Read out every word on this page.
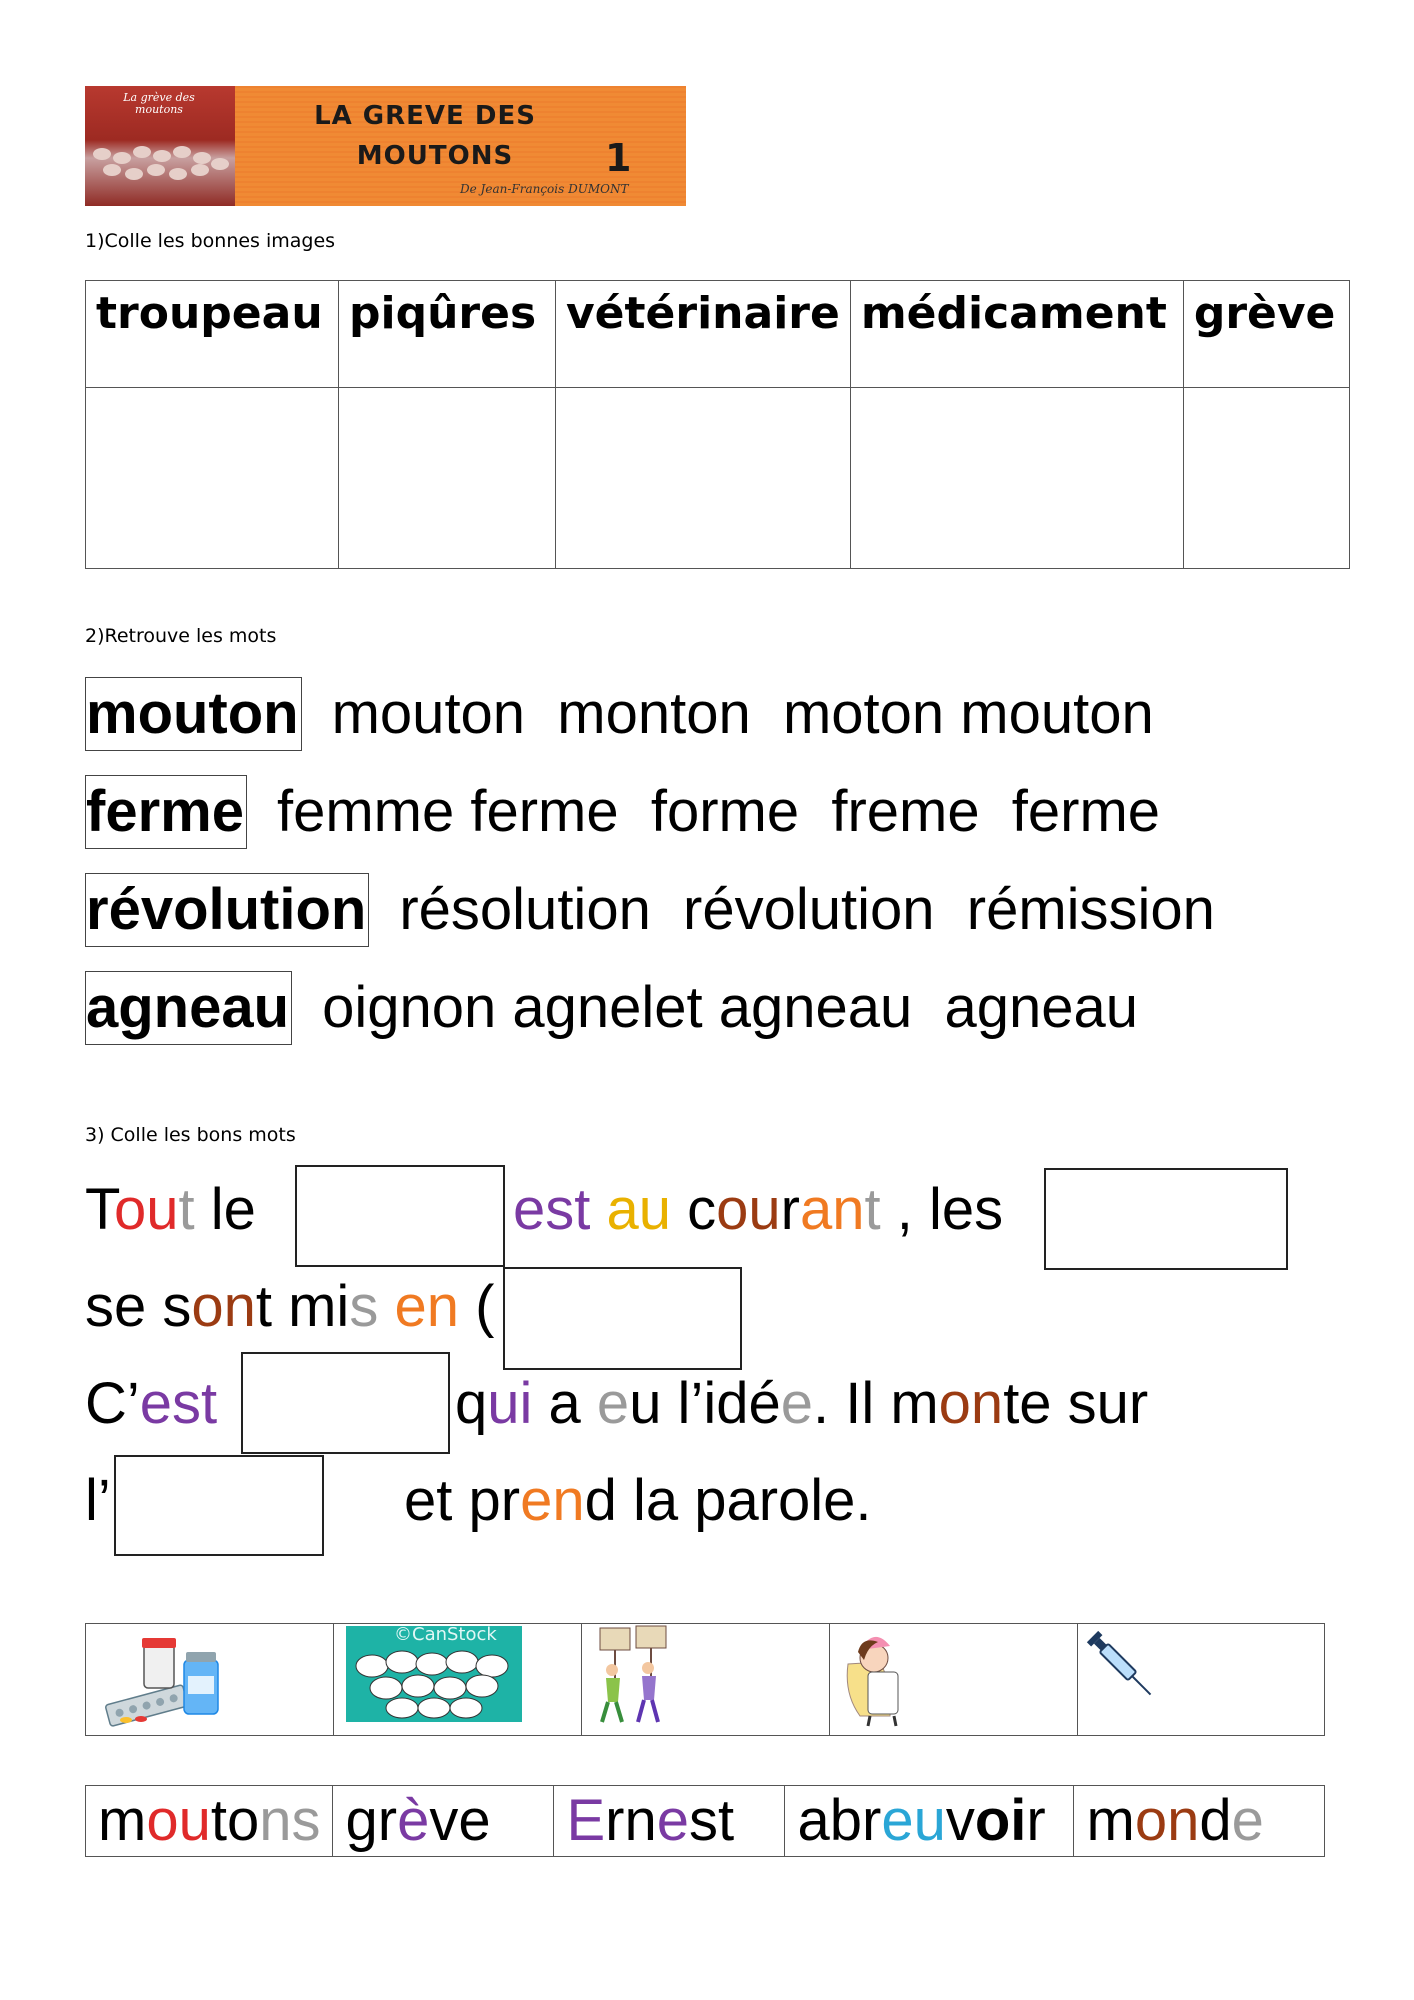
La grève des moutons	LA GREVE DES
MOUTONS	1
De Jean-François DUMONT
1)Colle les bonnes images
troupeau	piqûres	vétérinaire	médicament	grève

2)Retrouve les mots
mouton mouton  monton  moton mouton
ferme femme ferme  forme  freme  ferme
révolution résolution  révolution  rémission
agneau oignon agnelet agneau  agneau
3) Colle les bons mots
Tout le	est au courant , les
se sont mis en (
C’est	qui a eu l’idée. Il monte sur
l’	et prend la parole.

©CanStock

moutons	grève	Ernest	abreuvoir	monde
